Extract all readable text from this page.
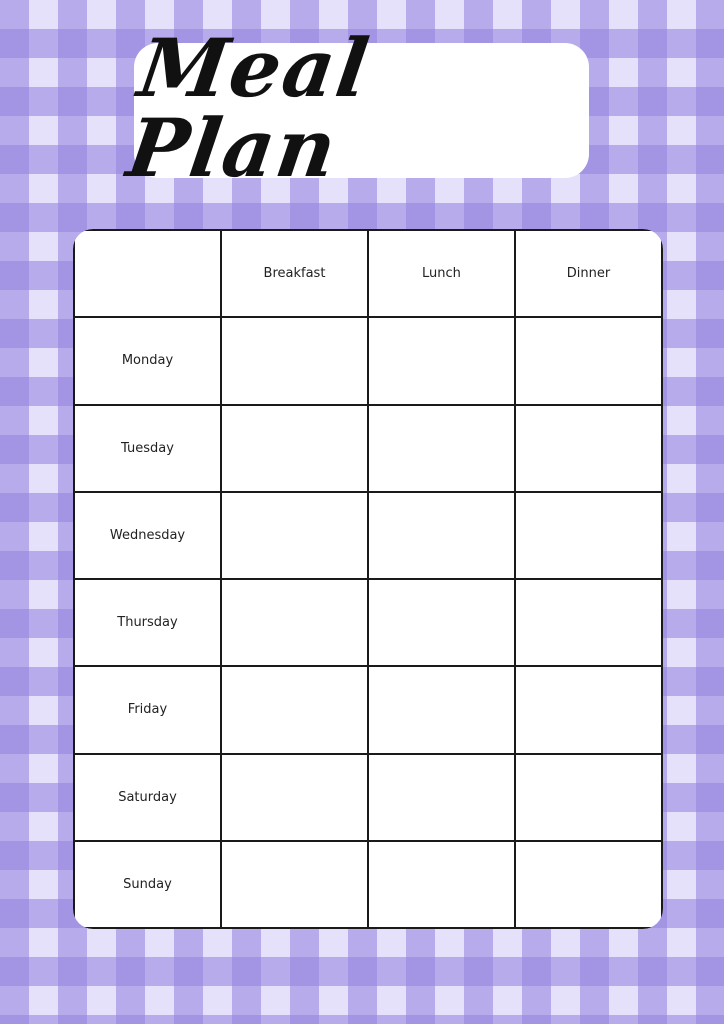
Meal Plan
	Breakfast	Lunch	Dinner
Monday			
Tuesday			
Wednesday			
Thursday			
Friday			
Saturday			
Sunday			
